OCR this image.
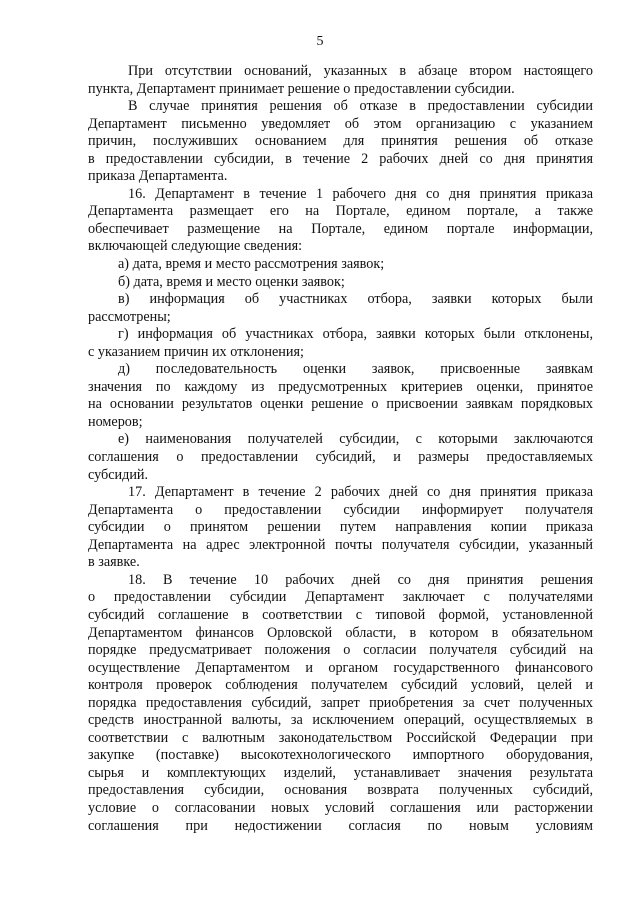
5
При отсутствии оснований, указанных в абзаце втором настоящего
пункта, Департамент принимает решение о предоставлении субсидии.
В случае принятия решения об отказе в предоставлении субсидии
Департамент письменно уведомляет об этом организацию с указанием
причин, послуживших основанием для принятия решения об отказе
в предоставлении субсидии, в течение 2 рабочих дней со дня принятия
приказа Департамента.
16. Департамент в течение 1 рабочего дня со дня принятия приказа
Департамента размещает его на Портале, едином портале, а также
обеспечивает размещение на Портале, едином портале информации,
включающей следующие сведения:
а) дата, время и место рассмотрения заявок;
б) дата, время и место оценки заявок;
в) информация об участниках отбора, заявки которых были
рассмотрены;
г) информация об участниках отбора, заявки которых были отклонены,
с указанием причин их отклонения;
д) последовательность оценки заявок, присвоенные заявкам
значения по каждому из предусмотренных критериев оценки, принятое
на основании результатов оценки решение о присвоении заявкам порядковых
номеров;
е) наименования получателей субсидии, с которыми заключаются
соглашения о предоставлении субсидий, и размеры предоставляемых
субсидий.
17. Департамент в течение 2 рабочих дней со дня принятия приказа
Департамента о предоставлении субсидии информирует получателя
субсидии о принятом решении путем направления копии приказа
Департамента на адрес электронной почты получателя субсидии, указанный
в заявке.
18. В течение 10 рабочих дней со дня принятия решения
о предоставлении субсидии Департамент заключает с получателями
субсидий соглашение в соответствии с типовой формой, установленной
Департаментом финансов Орловской области, в котором в обязательном
порядке предусматривает положения о согласии получателя субсидий на
осуществление Департаментом и органом государственного финансового
контроля проверок соблюдения получателем субсидий условий, целей и
порядка предоставления субсидий, запрет приобретения за счет полученных
средств иностранной валюты, за исключением операций, осуществляемых в
соответствии с валютным законодательством Российской Федерации при
закупке (поставке) высокотехнологического импортного оборудования,
сырья и комплектующих изделий, устанавливает значения результата
предоставления субсидии, основания возврата полученных субсидий,
условие о согласовании новых условий соглашения или расторжении
соглашения при недостижении согласия по новым условиям
